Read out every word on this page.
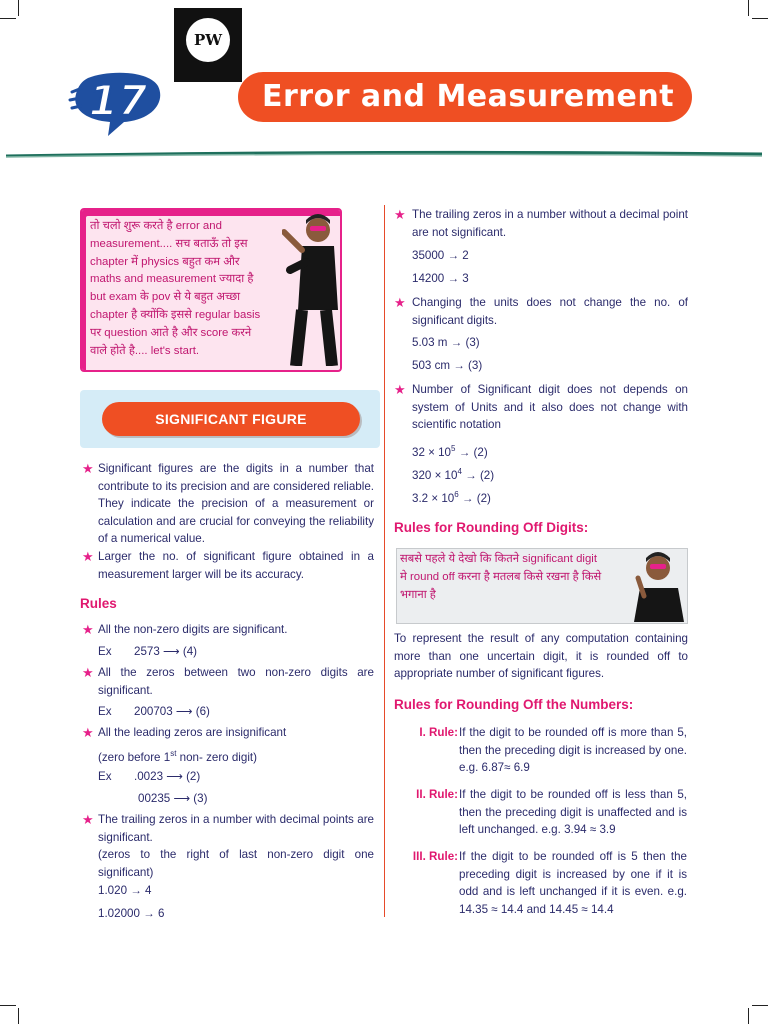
PW
17	Error and Measurement
तो चलो शुरू करते है error and
measurement.... सच बताऊँ तो इस
chapter में physics बहुत कम और
maths and measurement ज्यादा है
but exam के pov से ये बहुत अच्छा
chapter है क्योंकि इससे regular basis
पर question आते है और score करने
वाले होते है.... let's start.
SIGNIFICANT FIGURE
★ Significant figures are the digits in a number that contribute to its precision and are considered reliable. They indicate the precision of a measurement or calculation and are crucial for conveying the reliability of a numerical value.
★ Larger the no. of significant figure obtained in a measurement larger will be its accuracy.
Rules
★ All the non-zero digits are significant.
Ex 2573 ⟶ (4)
★ All the zeros between two non-zero digits are significant.
Ex 200703 ⟶ (6)
★ All the leading zeros are insignificant
(zero before 1st non- zero digit)
Ex .0023 ⟶ (2)
00235 ⟶ (3)
★ The trailing zeros in a number with decimal points are significant.
(zeros to the right of last non-zero digit one significant)
1.020 → 4
1.02000 → 6
★ The trailing zeros in a number without a decimal point are not significant.
35000 → 2
14200 → 3
★ Changing the units does not change the no. of significant digits.
5.03 m → (3)
503 cm → (3)
★ Number of Significant digit does not depends on system of Units and it also does not change with scientific notation
$32 \times 10^5 \to (2)$
$320 \times 10^4 \to (2)$
$3.2 \times 10^6 \to (2)$
Rules for Rounding Off Digits:
सबसे पहले ये देखो कि कितने significant digit
मे round off करना है मतलब किसे रखना है किसे
भगाना है
To represent the result of any computation containing more than one uncertain digit, it is rounded off to appropriate number of significant figures.
Rules for Rounding Off the Numbers:
I. Rule: If the digit to be rounded off is more than 5, then the preceding digit is increased by one. e.g. 6.87≈ 6.9
II. Rule: If the digit to be rounded off is less than 5, then the preceding digit is unaffected and is left unchanged. e.g. 3.94 ≈ 3.9
III. Rule: If the digit to be rounded off is 5 then the preceding digit is increased by one if it is odd and is left unchanged if it is even. e.g. 14.35 ≈ 14.4 and 14.45 ≈ 14.4
